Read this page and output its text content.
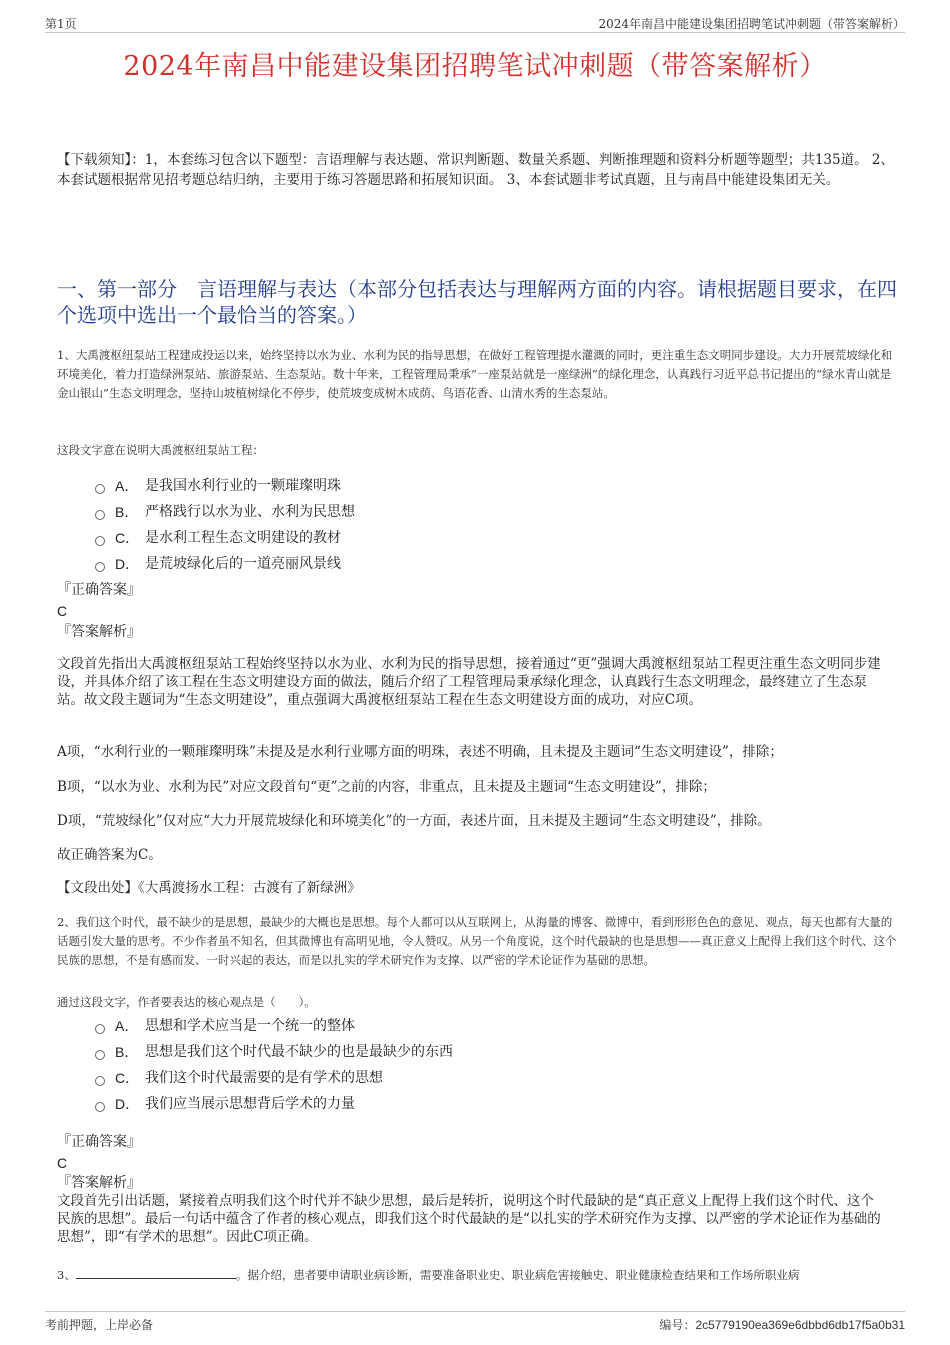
第1页	2024年南昌中能建设集团招聘笔试冲刺题（带答案解析）
2024年南昌中能建设集团招聘笔试冲刺题（带答案解析）
【下载须知】：1，本套练习包含以下题型：言语理解与表达题、常识判断题、数量关系题、判断推理题和资料分析题等题型；共135道。 2、本套试题根据常见招考题总结归纳，主要用于练习答题思路和拓展知识面。 3、本套试题非考试真题，且与南昌中能建设集团无关。
一、第一部分　言语理解与表达（本部分包括表达与理解两方面的内容。请根据题目要求，在四个选项中选出一个最恰当的答案。）
1、大禹渡枢纽泵站工程建成投运以来，始终坚持以水为业、水利为民的指导思想，在做好工程管理提水灌溉的同时，更注重生态文明同步建设。大力开展荒坡绿化和环境美化，着力打造绿洲泵站、旅游泵站、生态泵站。数十年来，工程管理局秉承“一座泵站就是一座绿洲”的绿化理念，认真践行习近平总书记提出的“绿水青山就是金山银山”生态文明理念，坚持山坡植树绿化不停步，使荒坡变成树木成荫、鸟语花香、山清水秀的生态泵站。
这段文字意在说明大禹渡枢纽泵站工程：
A． 是我国水利行业的一颗璀璨明珠
B． 严格践行以水为业、水利为民思想
C． 是水利工程生态文明建设的教材
D． 是荒坡绿化后的一道亮丽风景线
『正确答案』
C
『答案解析』
文段首先指出大禹渡枢纽泵站工程始终坚持以水为业、水利为民的指导思想，接着通过“更”强调大禹渡枢纽泵站工程更注重生态文明同步建设，并具体介绍了该工程在生态文明建设方面的做法，随后介绍了工程管理局秉承绿化理念，认真践行生态文明理念，最终建立了生态泵站。故文段主题词为“生态文明建设”，重点强调大禹渡枢纽泵站工程在生态文明建设方面的成功，对应C项。
A项，“水利行业的一颗璀璨明珠”未提及是水利行业哪方面的明珠，表述不明确，且未提及主题词“生态文明建设”，排除；
B项，“以水为业、水利为民”对应文段首句“更”之前的内容，非重点，且未提及主题词“生态文明建设”，排除；
D项，“荒坡绿化”仅对应“大力开展荒坡绿化和环境美化”的一方面，表述片面，且未提及主题词“生态文明建设”，排除。
故正确答案为C。
【文段出处】《大禹渡扬水工程：古渡有了新绿洲》
2、我们这个时代，最不缺少的是思想，最缺少的大概也是思想。每个人都可以从互联网上，从海量的博客、微博中，看到形形色色的意见、观点，每天也都有大量的话题引发大量的思考。不少作者虽不知名，但其微博也有高明见地，令人赞叹。从另一个角度说，这个时代最缺的也是思想——真正意义上配得上我们这个时代、这个民族的思想，不是有感而发、一时兴起的表达，而是以扎实的学术研究作为支撑、以严密的学术论证作为基础的思想。
通过这段文字，作者要表达的核心观点是（　　）。
A． 思想和学术应当是一个统一的整体
B． 思想是我们这个时代最不缺少的也是最缺少的东西
C． 我们这个时代最需要的是有学术的思想
D． 我们应当展示思想背后学术的力量
『正确答案』
C
『答案解析』
文段首先引出话题，紧接着点明我们这个时代并不缺少思想，最后是转折，说明这个时代最缺的是“真正意义上配得上我们这个时代、这个民族的思想”。最后一句话中蕴含了作者的核心观点，即我们这个时代最缺的是“以扎实的学术研究作为支撑、以严密的学术论证作为基础的思想”，即“有学术的思想”。因此C项正确。
3、	。据介绍，患者要申请职业病诊断，需要准备职业史、职业病危害接触史、职业健康检查结果和工作场所职业病
考前押题，上岸必备	编号：2c5779190ea369e6dbbd6db17f5a0b31
